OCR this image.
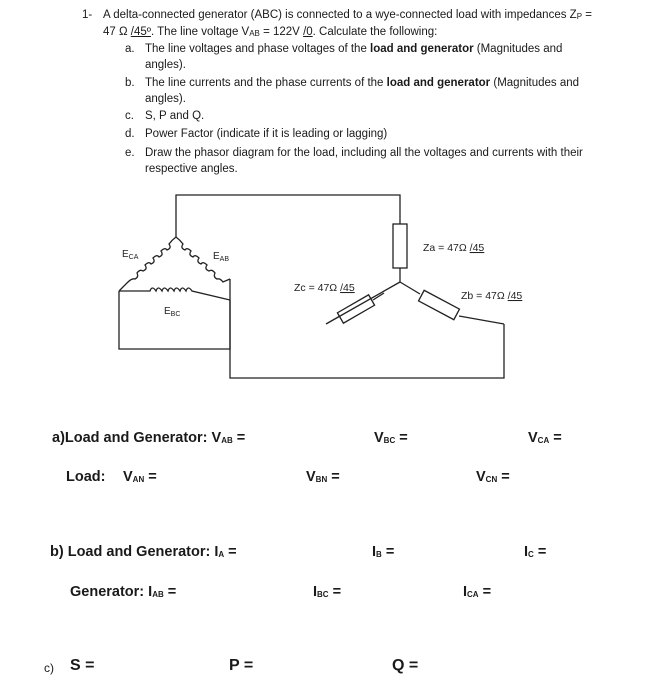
1- A delta-connected generator (ABC) is connected to a wye-connected load with impedances $Z_P$ =
47 Ω /45º. The line voltage $V_{AB} = 122V$ /0. Calculate the following:
a. The line voltages and phase voltages of the load and generator (Magnitudes and
angles).
b. The line currents and the phase currents of the load and generator (Magnitudes and
angles).
c. S, P and Q.
d. Power Factor (indicate if it is leading or lagging)
e. Draw the phasor diagram for the load, including all the voltages and currents with their
respective angles.
$E_{CA}$	$E_{AB}$
$E_{BC}$
Za = 47Ω /45
Zb = 47Ω /45
Zc = 47Ω /45
a)Load and Generator: $V_{AB}$ =	$V_{BC}$ =	$V_{CA}$ =
Load: $V_{AN}$ =	$V_{BN}$ =	$V_{CN}$ =
b) Load and Generator: $I_A$ =	$I_B$ =	$I_C$ =
Generator: $I_{AB}$ =	$I_{BC}$ =	$I_{CA}$ =
c) S =	P =	Q =
